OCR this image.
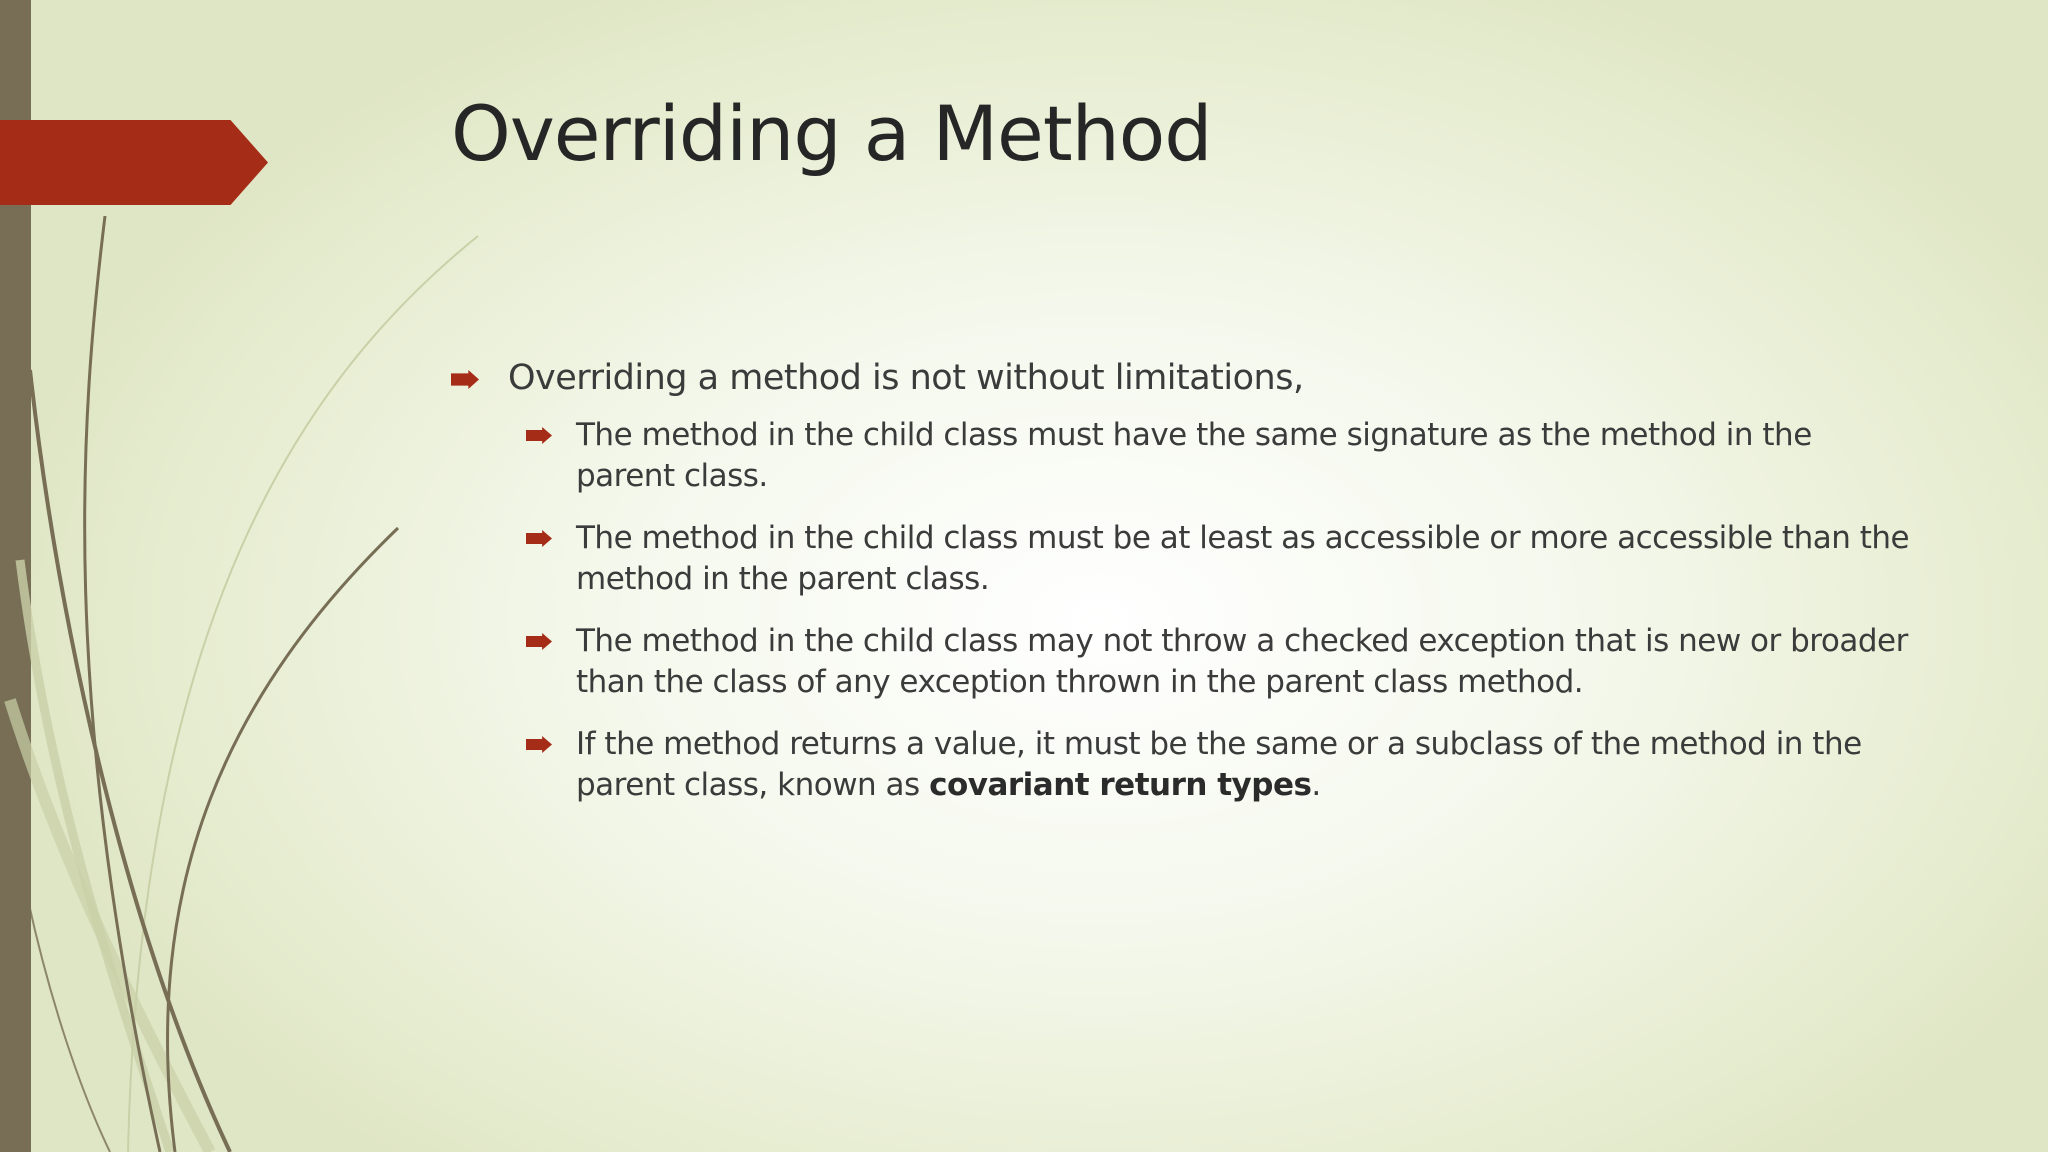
Overriding a Method
Overriding a method is not without limitations,
The method in the child class must have the same signature as the method in the parent class.
The method in the child class must be at least as accessible or more accessible than the method in the parent class.
The method in the child class may not throw a checked exception that is new or broader than the class of any exception thrown in the parent class method.
If the method returns a value, it must be the same or a subclass of the method in the parent class, known as covariant return types.
